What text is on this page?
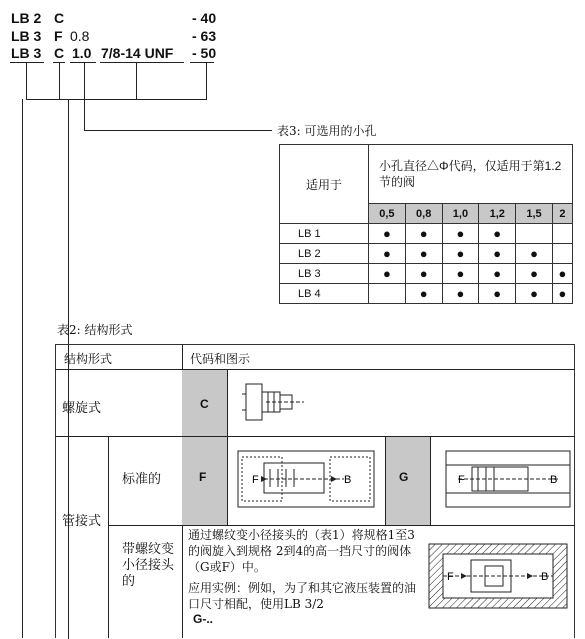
LB 2 C	- 40
LB 3 F 0.8	- 63
LB 3 C 1.0 7/8-14 UNF - 50
表3: 可选用的小孔
适用于	小孔直径△Φ代码，仅适用于第1.2节的阀					
	0,5	0,8	1,0	1,2	1,5	2
LB 1	●	●	●	●		
LB 2	●	●	●	●	●	
LB 3	●	●	●	●	●	●
LB 4		●	●	●	●	●
表2: 结构形式
结构形式	代码和图示
螺旋式	C
管接式
标准的	F	F	B	G	F	B
带螺纹变小径接头的
通过螺纹变小径接头的（表1）将规格1至3的阀旋入到规格 2到4的高一挡尺寸的阀体（G或F）中。
应用实例：例如，为了和其它液压装置的油口尺寸相配，使用LB 3/2
G-..
F	B
